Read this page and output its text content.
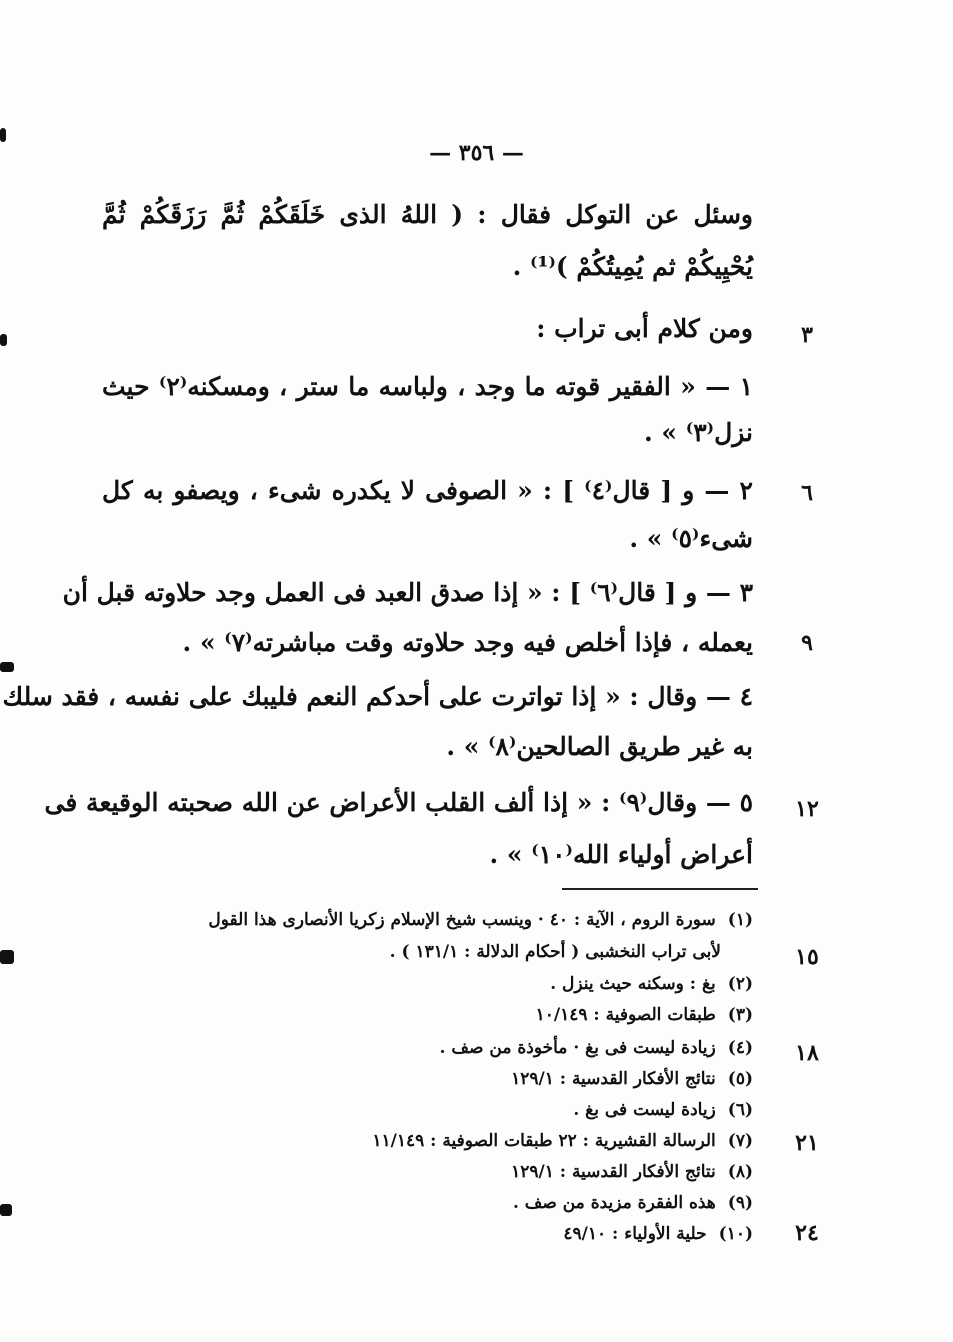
— ٣٥٦ —
وسئل عن التوكل فقال : ( اللهُ الذى خَلَقَكُمْ ثُمَّ رَزَقَكُمْ ثُمَّ
يُحْيِيكُمْ ثم يُمِيتُكُمْ )⁽¹⁾ .
ومن كلام أبى تراب :
١ — « الفقير قوته ما وجد ، ولباسه ما ستر ، ومسكنه⁽٢⁾ حيث
نزل⁽٣⁾ » .
٢ — و [ قال⁽٤⁾ ] : « الصوفى لا يكدره شىء ، ويصفو به كل
شىء⁽٥⁾ » .
٣ — و [ قال⁽٦⁾ ] : « إذا صدق العبد فى العمل وجد حلاوته قبل أن
يعمله ، فإذا أخلص فيه وجد حلاوته وقت مباشرته⁽٧⁾ » .
٤ — وقال : « إذا تواترت على أحدكم النعم فليبك على نفسه ، فقد سلك
به غير طريق الصالحين⁽٨⁾ » .
٥ — وقال⁽٩⁾ : « إذا ألف القلب الأعراض عن الله صحبته الوقيعة فى
أعراض أولياء الله⁽١٠⁾ » .
٣
٦
٩
١٢
(١)سورة الروم ، الآية : ٤٠ · وينسب شيخ الإسلام زكريا الأنصارى هذا القول
لأبى تراب النخشبى ( أحكام الدلالة : ١٣١/١ ) .
(٢)بغ : وسكنه حيث ينزل .
(٣)طبقات الصوفية : ١٠/١٤٩
(٤)زيادة ليست فى بغ · مأخوذة من صف .
(٥)نتائج الأفكار القدسية : ١٢٩/١
(٦)زيادة ليست فى بغ .
(٧)الرسالة القشيرية : ٢٢ طبقات الصوفية : ١١/١٤٩
(٨)نتائج الأفكار القدسية : ١٢٩/١
(٩)هذه الفقرة مزيدة من صف .
(١٠)حلية الأولياء : ٤٩/١٠
١٥
١٨
٢١
٢٤
